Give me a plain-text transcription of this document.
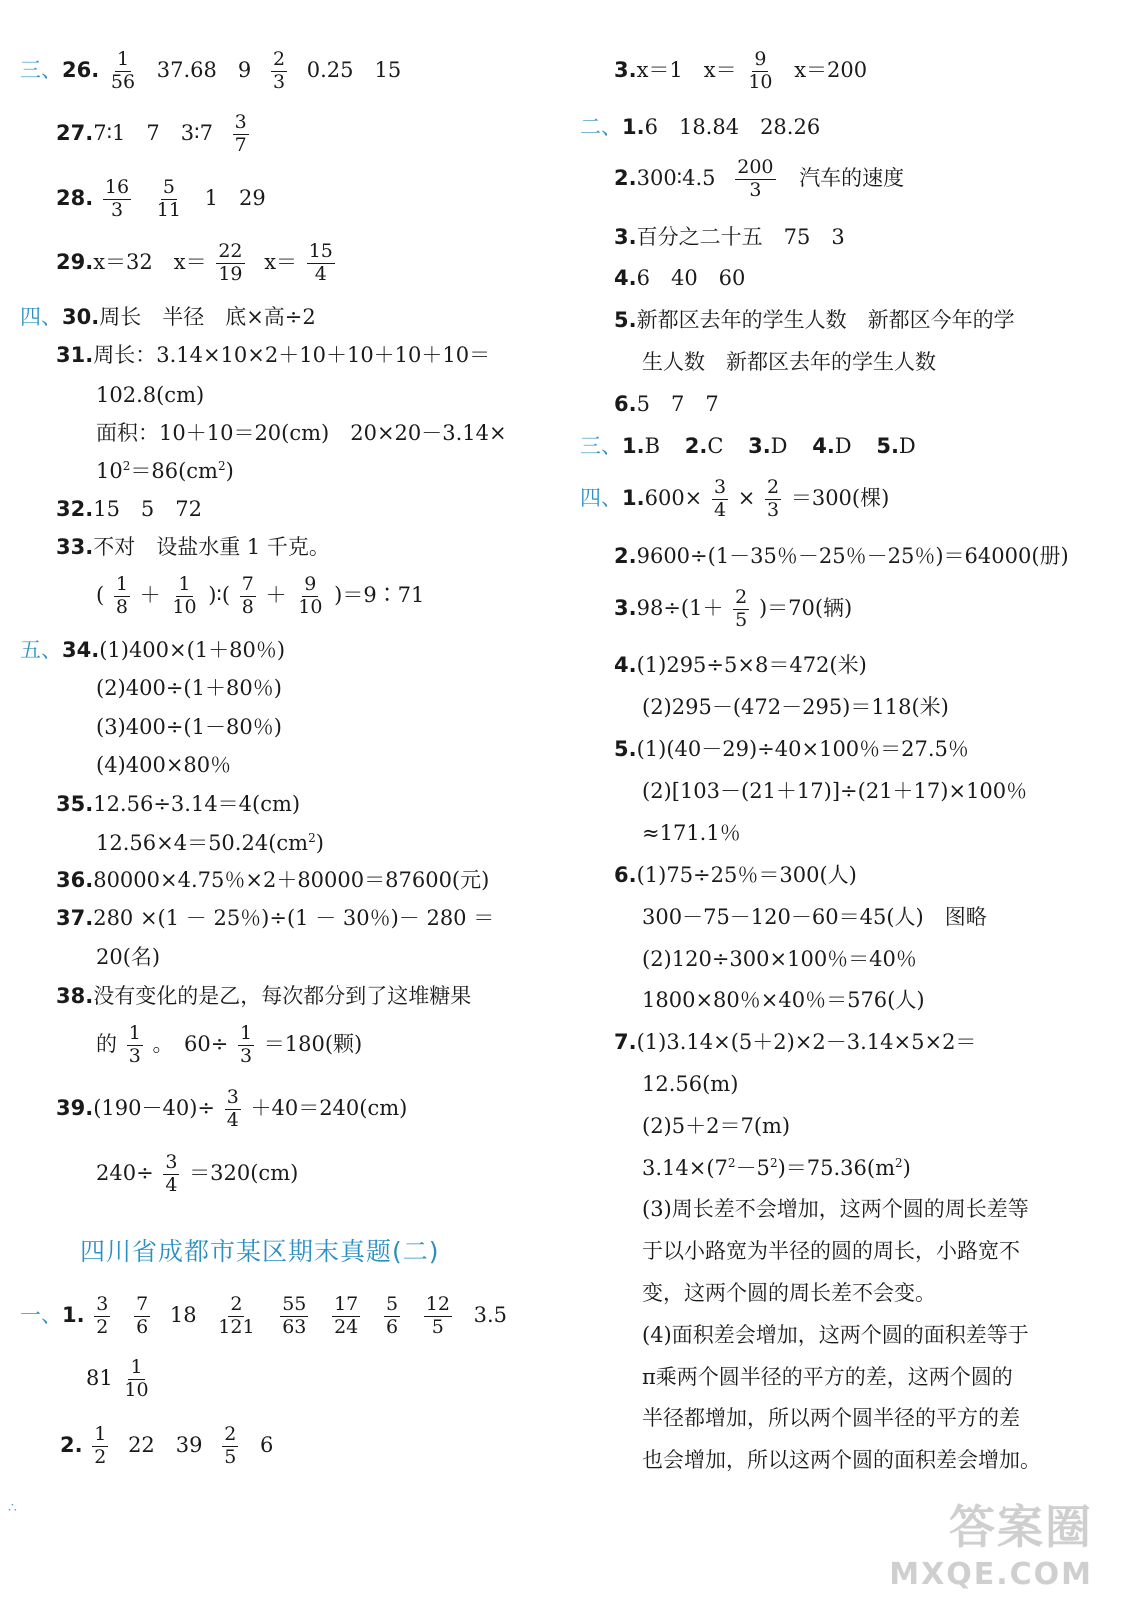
三、26. $\frac{1}{56} 37.68$　$9 \frac{2}{3} 0.25$　15
27.7∶1　7　3∶7 $\frac{3}{7}$
28. $\frac{16}{3}$
$\frac{5}{11} 1$　29
29.x＝32　$x= \frac{22}{19} x= \frac{15}{4}$
四、30.周长　半径　底×高÷2
31.周长：3.14×10×2＋10＋10＋10＋10＝
102.8(cm)
面积：10＋10＝20(cm)　20×20－3.14×
$10^2=86(cm^2)$
32.15　5　72
33.不对　设盐水重 1 千克。
( $\frac{1}{8} + \frac{1}{10}$ )∶( $\frac{7}{8} + \frac{9}{10}$ )＝9∶71
五、34.(1)400×(1＋80％)
(2)400÷(1＋80％)
(3)400÷(1－80％)
(4)400×80％
35.12.56÷3.14＝4(cm)
$12.56\times 4=50.24(cm^2)$
36.80000×4.75％×2＋80000＝87600(元)
37.280 ×(1 － 25％)÷(1 － 30％)－ 280 ＝
20(名)
38.没有变化的是乙，每次都分到了这堆糖果
的 $\frac{1}{3}$ 。　$60\div \frac{1}{3} =180$(颗)
$39.(190-40)\div \frac{3}{4} +40=240(cm)$
$240\div \frac{3}{4} =320(cm)$
四川省成都市某区期末真题(二)
一、1. $\frac{3}{2}$
$\frac{7}{6} 18 \frac{2}{121}$
$\frac{55}{63}$
$\frac{17}{24}$
$\frac{5}{6}$
$\frac{12}{5} 3.5$
$81 \frac{1}{10}$
2. $\frac{1}{2} 22$　$39 \frac{2}{5} 6$
∴
3.x＝1　$x= \frac{9}{10} x=200$
二、1.6　18.84　28.26
2.300∶4.5 $\frac{200}{3}$ 汽车的速度
3.百分之二十五　75　3
4.6　40　60
5.新都区去年的学生人数　新都区今年的学
生人数　新都区去年的学生人数
6.5　7　7
三、1.B 2.C 3.D 4.D 5.D
四、$1.600\times \frac{3}{4} \times \frac{2}{3} =300$(棵)
2.9600÷(1－35％－25％－25％)＝64000(册)
$3.98\div(1+ \frac{2}{5} )=70$(辆)
4.(1)295÷5×8＝472(米)
(2)295－(472－295)＝118(米)
5.(1)(40－29)÷40×100％＝27.5％
(2)[103－(21＋17)]÷(21＋17)×100％
≈171.1％
6.(1)75÷25％＝300(人)
300－75－120－60＝45(人)　图略
(2)120÷300×100％＝40％
1800×80％×40％＝576(人)
7.(1)3.14×(5＋2)×2－3.14×5×2＝
12.56(m)
(2)5＋2＝7(m)
$3.14\times(7^2-5^2)=75.36(m^2)$
(3)周长差不会增加，这两个圆的周长差等
于以小路宽为半径的圆的周长，小路宽不
变，这两个圆的周长差不会变。
(4)面积差会增加，这两个圆的面积差等于
π乘两个圆半径的平方的差，这两个圆的
半径都增加，所以两个圆半径的平方的差
也会增加，所以这两个圆的面积差会增加。
答案圈
MXQE.COM
